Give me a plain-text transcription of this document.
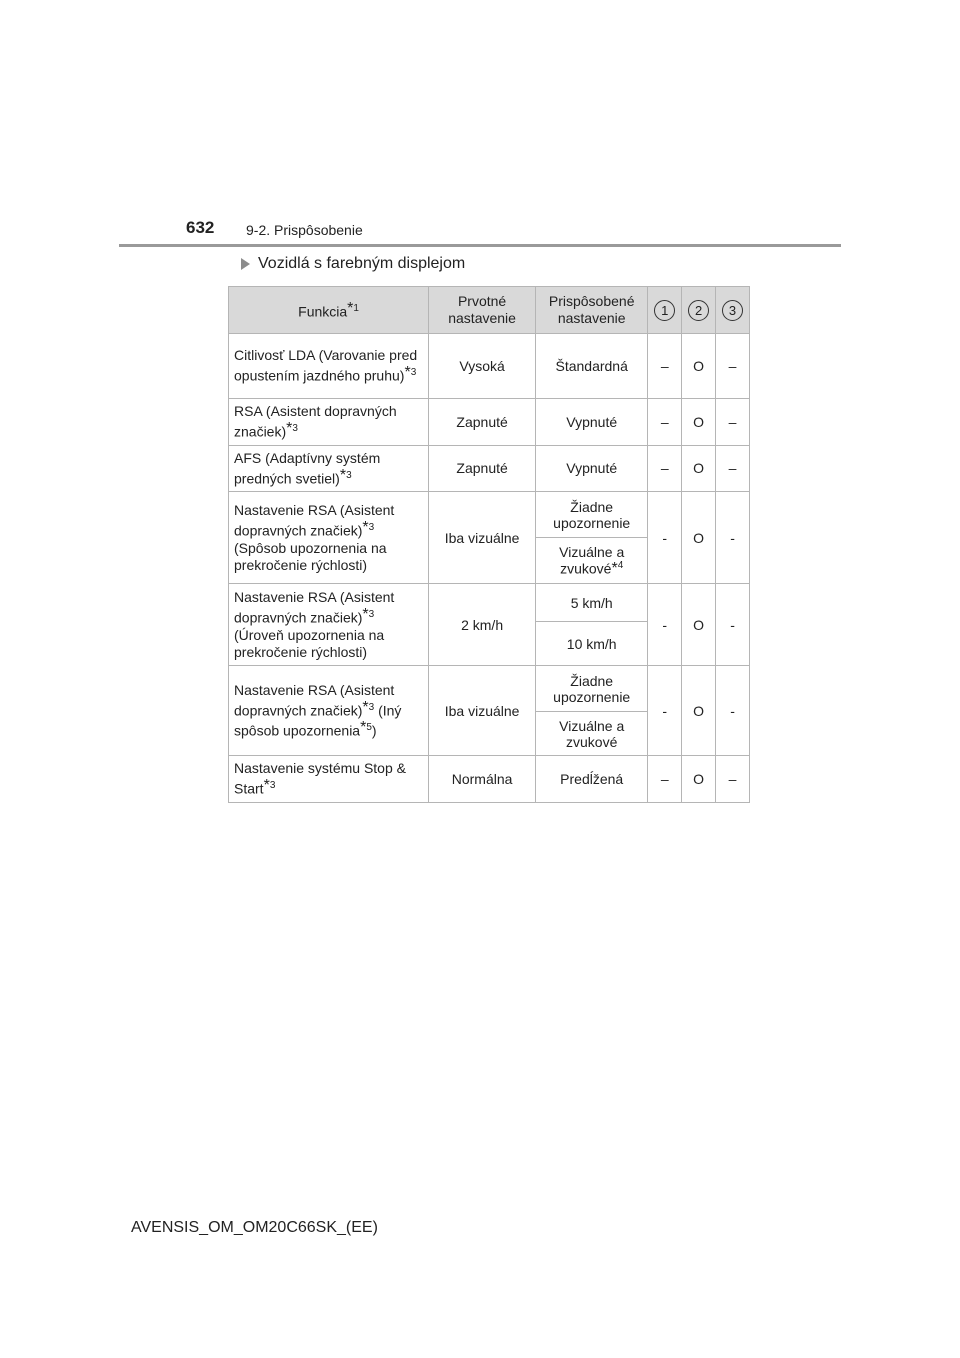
632 9-2. Prispôsobenie
Vozidlá s farebným displejom
Funkcia*$^1$	Prvotné nastavenie	Prispôsobené nastavenie	1	2	3
Citlivosť LDA (Varovanie pred opustením jazdného pruhu)*$^3$	Vysoká	Štandardná	–	O	–
RSA (Asistent dopravných značiek)*$^3$	Zapnuté	Vypnuté	–	O	–
AFS (Adaptívny systém predných svetiel)*$^3$	Zapnuté	Vypnuté	–	O	–
Nastavenie RSA (Asistent dopravných značiek)*$^3$ (Spôsob upozornenia na prekročenie rýchlosti)	Iba vizuálne	Žiadne upozornenie	-	O	-
		Vizuálne a zvukové*$^4$
Nastavenie RSA (Asistent dopravných značiek)*$^3$ (Úroveň upozornenia na prekročenie rýchlosti)	2 km/h	5 km/h	-	O	-
		10 km/h			
Nastavenie RSA (Asistent dopravných značiek)*$^3$ (Iný spôsob upozornenia*$^5$)	Iba vizuálne	Žiadne upozornenie	-	O	-
		Vizuálne a zvukové			
Nastavenie systému Stop & Start*$^3$	Normálna	Predĺžená	–	O	–
AVENSIS_OM_OM20C66SK_(EE)
